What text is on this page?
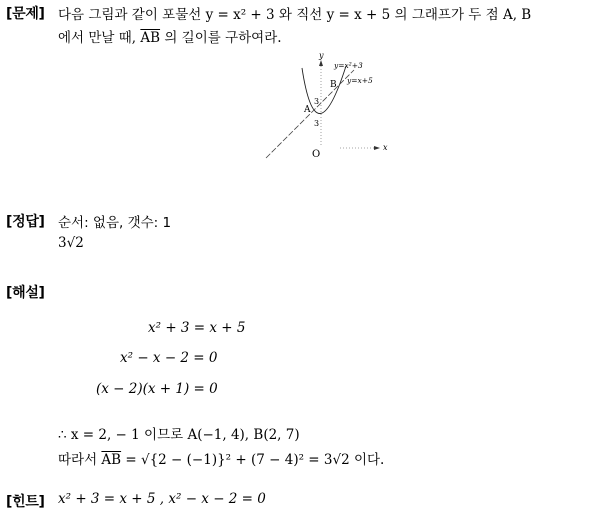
[문제] 다음 그림과 같이 포물선 y = x² + 3 와 직선 y = x + 5 의 그래프가 두 점 A, B
에서 만날 때, $\overline{AB}$ 의 길이를 구하여라.
y
x
O
y=x²+3
y=x+5
A
B
3
3
[정답] 순서: 없음, 갯수: 1
3√2
[해설]
x² + 3 = x + 5
x² − x − 2 = 0
(x − 2)(x + 1) = 0
∴ x = 2, − 1 이므로 A(−1, 4), B(2, 7)
따라서 $\overline{AB} = √\{2 - (-1)\}^2 + (7 - 4)^2 = 3√2$ 이다.
[힌트] x² + 3 = x + 5 , x² − x − 2 = 0
